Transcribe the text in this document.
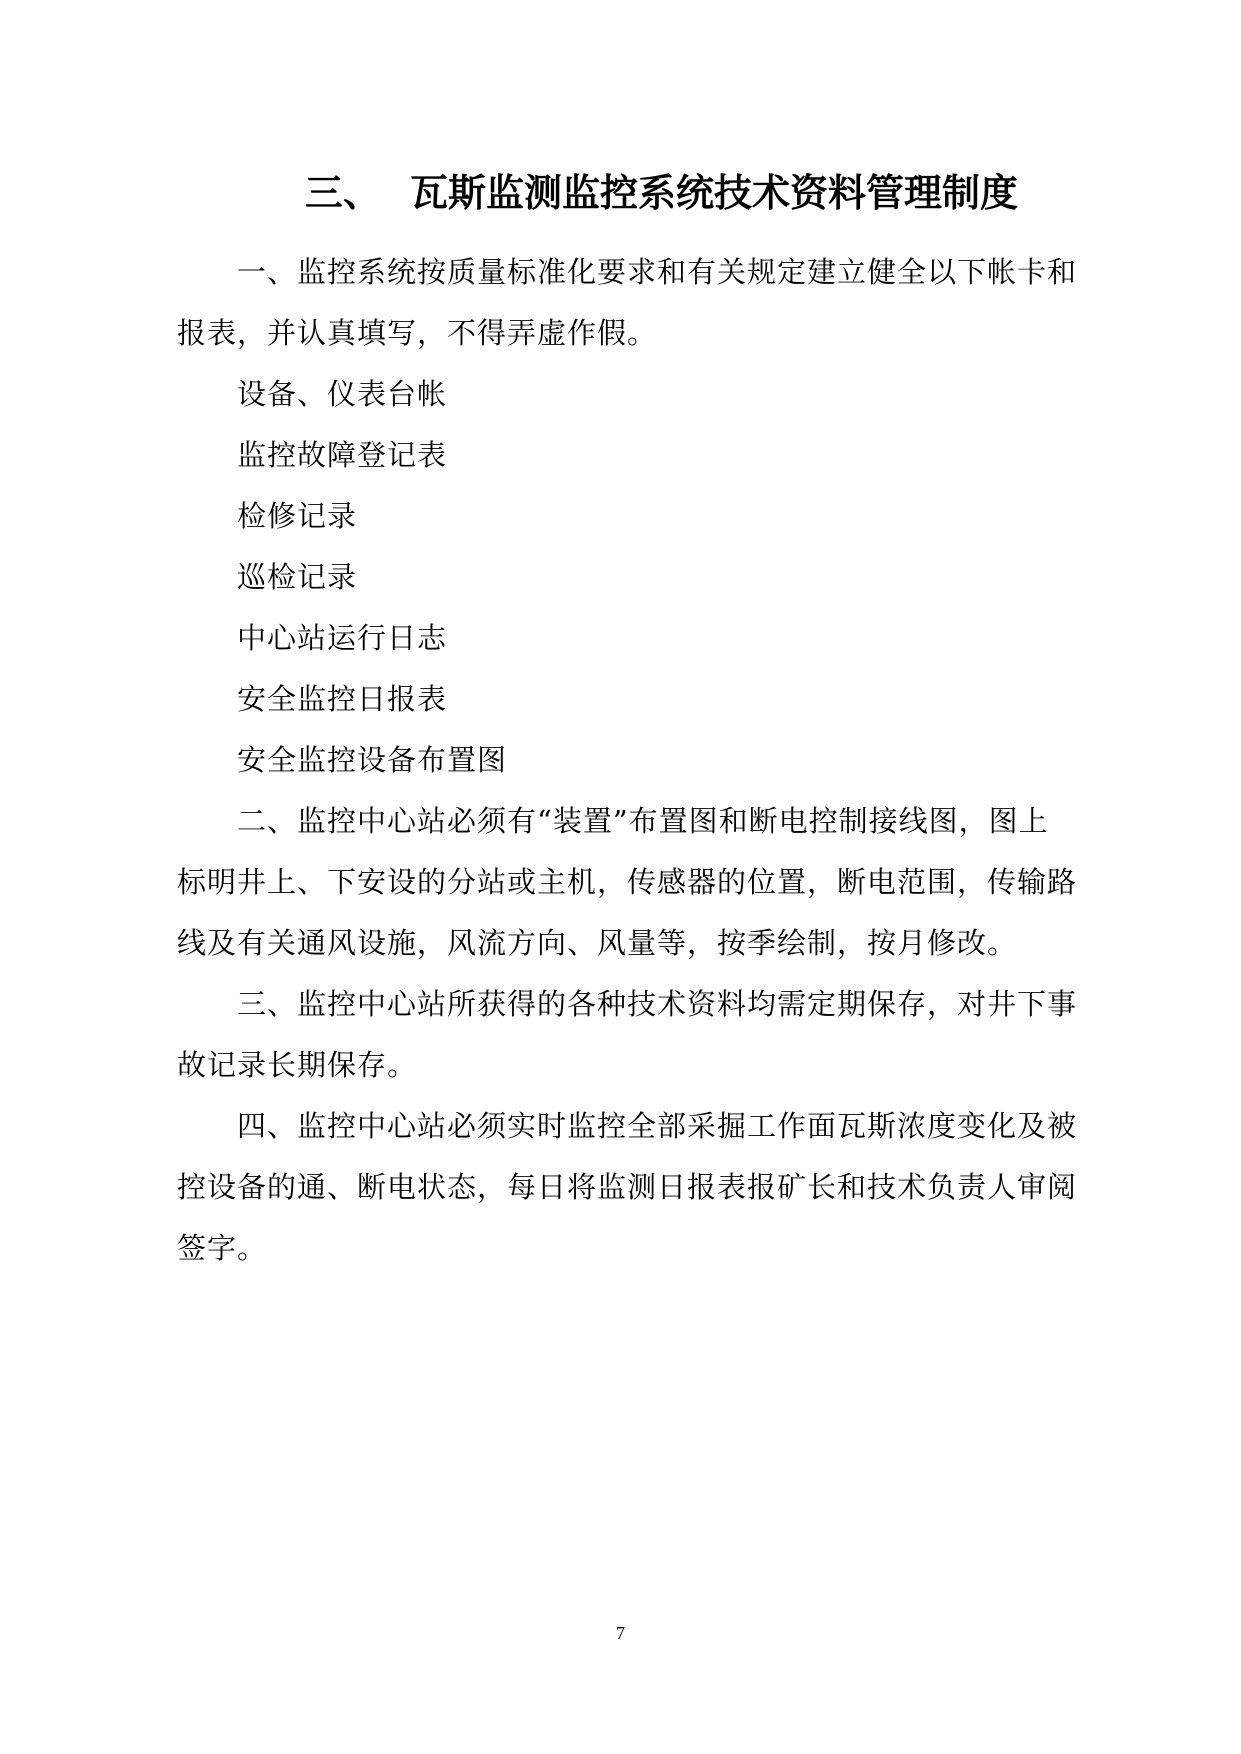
三、 瓦斯监测监控系统技术资料管理制度
一、监控系统按质量标准化要求和有关规定建立健全以下帐卡和
报表，并认真填写，不得弄虚作假。
设备、仪表台帐
监控故障登记表
检修记录
巡检记录
中心站运行日志
安全监控日报表
安全监控设备布置图
二、监控中心站必须有“装置”布置图和断电控制接线图，图上
标明井上、下安设的分站或主机，传感器的位置，断电范围，传输路
线及有关通风设施，风流方向、风量等，按季绘制，按月修改。
三、监控中心站所获得的各种技术资料均需定期保存，对井下事
故记录长期保存。
四、监控中心站必须实时监控全部采掘工作面瓦斯浓度变化及被
控设备的通、断电状态，每日将监测日报表报矿长和技术负责人审阅
签字。
7
